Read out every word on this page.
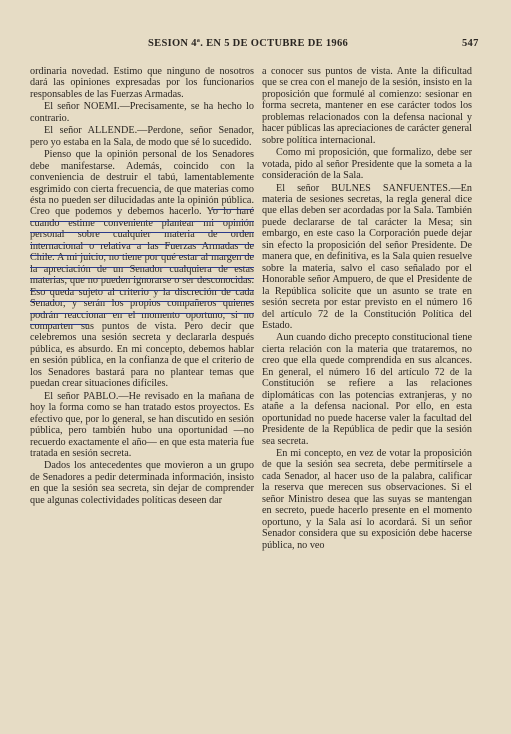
SESION 4ª. EN 5 DE OCTUBRE DE 1966	547

ordinaria novedad. Estimo que ninguno de nosotros dará las opiniones expresadas por los funcionarios responsables de las Fuerzas Armadas.

El señor NOEMI.—Precisamente, se ha hecho lo contrario.

El señor ALLENDE.—Perdone, señor Senador, pero yo estaba en la Sala, de modo que sé lo sucedido.

Pienso que la opinión personal de los Senadores debe manifestarse. Además, coincido con la conveniencia de destruir el tabú, lamentablemente esgrimido con cierta frecuencia, de que materias como ésta no pueden ser dilucidadas ante la opinión pública. Creo que podemos y debemos hacerlo. Yo lo haré cuando estime conveniente plantear mi opinión personal sobre cualquier materia de orden internacional o relativa a las Fuerzas Armadas de Chile. A mi juicio, no tiene por qué estar al margen de la apreciación de un Senador cualquiera de estas materias, que no pueden ignorarse o ser desconocidas. Eso queda sujeto al criterio y la discreción de cada Senador, y serán los propios compañeros quienes podrán reaccionar en el momento oportuno, si no comparten sus puntos de vista. Pero decir que celebremos una sesión secreta y declararla después pública, es absurdo. En mi concepto, debemos hablar en sesión pública, en la confianza de que el criterio de los Senadores bastará para no plantear temas que puedan crear situaciones difíciles.

El señor PABLO.—He revisado en la mañana de hoy la forma como se han tratado estos proyectos. Es efectivo que, por lo general, se han discutido en sesión pública, pero también hubo una oportunidad —no recuerdo exactamente el año— en que esta materia fue tratada en sesión secreta.

Dados los antecedentes que movieron a un grupo de Senadores a pedir determinada información, insisto en que la sesión sea secreta, sin dejar de comprender que algunas colectividades políticas deseen dar

a conocer sus puntos de vista. Ante la dificultad que se crea con el manejo de la sesión, insisto en la proposición que formulé al comienzo: sesionar en forma secreta, mantener en ese carácter todos los problemas relacionados con la defensa nacional y hacer públicas las apreciaciones de carácter general sobre política internacional.

Como mi proposición, que formalizo, debe ser votada, pido al señor Presidente que la someta a la consideración de la Sala.

El señor BULNES SANFUENTES.—En materia de sesiones secretas, la regla general dice que ellas deben ser acordadas por la Sala. También puede declararse de tal carácter la Mesa; sin embargo, en este caso la Corporación puede dejar sin efecto la proposición del señor Presidente. De manera que, en definitiva, es la Sala quien resuelve sobre la materia, salvo el caso señalado por el Honorable señor Ampuero, de que el Presidente de la República solicite que un asunto se trate en sesión secreta por estar previsto en el número 16 del artículo 72 de la Constitución Política del Estado.

Aun cuando dicho precepto constitucional tiene cierta relación con la materia que trataremos, no creo que ella quede comprendida en sus alcances. En general, el número 16 del artículo 72 de la Constitución se refiere a las relaciones diplomáticas con las potencias extranjeras, y no atañe a la defensa nacional. Por ello, en esta oportunidad no puede hacerse valer la facultad del Presidente de la República de pedir que la sesión sea secreta.

En mi concepto, en vez de votar la proposición de que la sesión sea secreta, debe permitírsele a cada Senador, al hacer uso de la palabra, calificar la reserva que merecen sus observaciones. Si el señor Ministro desea que las suyas se mantengan en secreto, puede hacerlo presente en el momento oportuno, y la Sala así lo acordará. Si un señor Senador considera que su exposición debe hacerse pública, no veo
